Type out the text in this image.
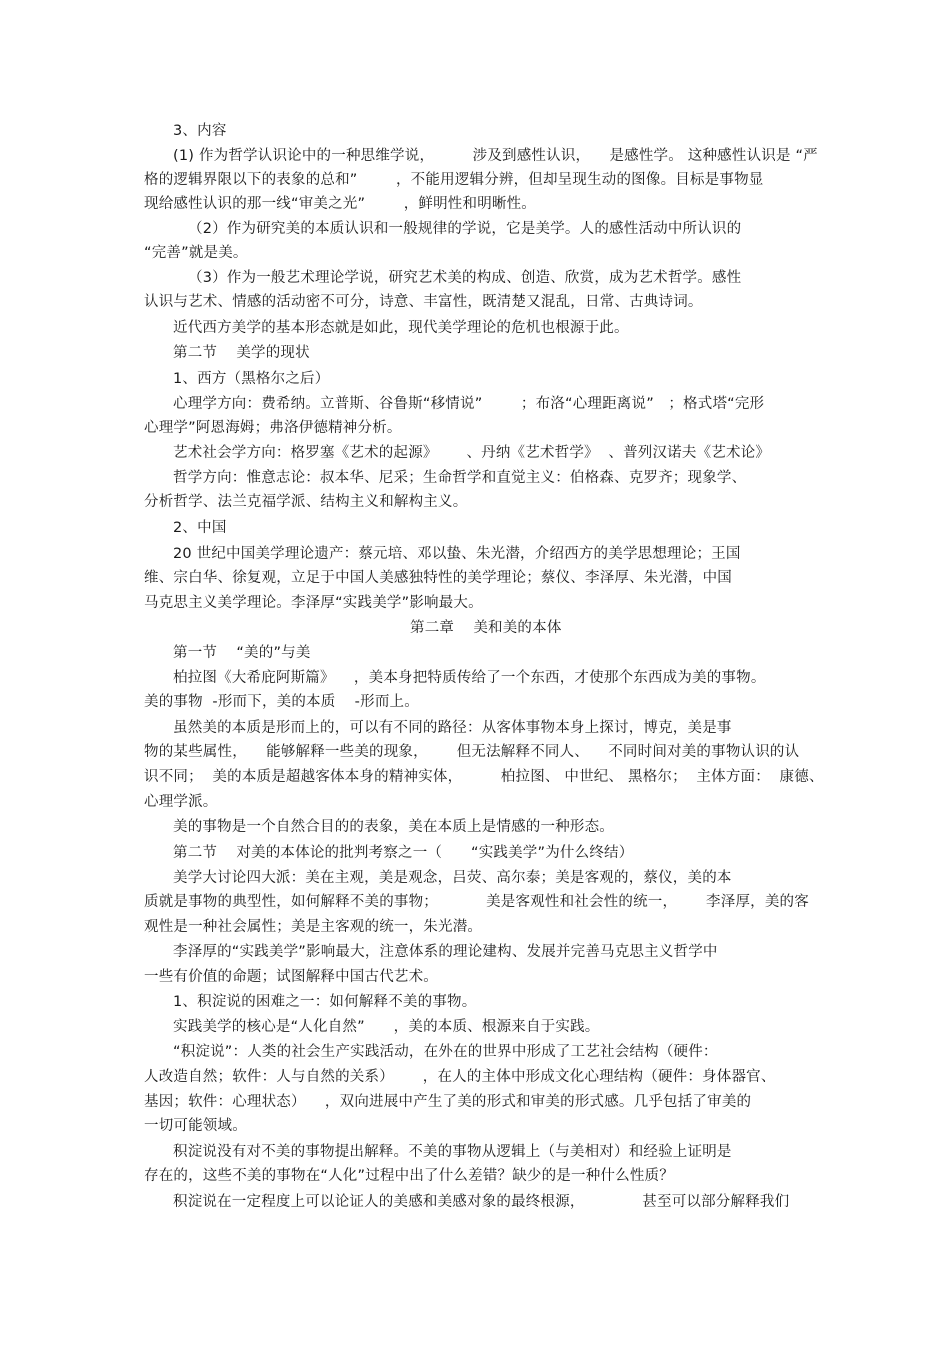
3、内容
(1) 作为哲学认识论中的一种思维学说，        涉及到感性认识，    是感性学。 这种感性认识是 “严
格的逻辑界限以下的表象的总和”        ，不能用逻辑分辨，但却呈现生动的图像。目标是事物显
现给感性认识的那一线“审美之光”        ，鲜明性和明晰性。
（2）作为研究美的本质认识和一般规律的学说，它是美学。人的感性活动中所认识的
“完善”就是美。
（3）作为一般艺术理论学说，研究艺术美的构成、创造、欣赏，成为艺术哲学。感性
认识与艺术、情感的活动密不可分，诗意、丰富性，既清楚又混乱，日常、古典诗词。
近代西方美学的基本形态就是如此，现代美学理论的危机也根源于此。
第二节    美学的现状
1、西方（黑格尔之后）
心理学方向：费希纳。立普斯、谷鲁斯“移情说”        ；布洛“心理距离说”   ；格式塔“完形
心理学”阿恩海姆；弗洛伊德精神分析。
艺术社会学方向：格罗塞《艺术的起源》      、丹纳《艺术哲学》  、普列汉诺夫《艺术论》
哲学方向：惟意志论：叔本华、尼采；生命哲学和直觉主义：伯格森、克罗齐；现象学、
分析哲学、法兰克福学派、结构主义和解构主义。
2、中国
20 世纪中国美学理论遗产：蔡元培、邓以蛰、朱光潜，介绍西方的美学思想理论；王国
维、宗白华、徐复观，立足于中国人美感独特性的美学理论；蔡仪、李泽厚、朱光潜，中国
马克思主义美学理论。李泽厚“实践美学”影响最大。
第二章    美和美的本体
第一节    “美的”与美
柏拉图《大希庇阿斯篇》    ，美本身把特质传给了一个东西，才使那个东西成为美的事物。
美的事物  -形而下，美的本质    -形而上。
虽然美的本质是形而上的，可以有不同的路径：从客体事物本身上探讨，博克，美是事
物的某些属性，    能够解释一些美的现象，      但无法解释不同人、    不同时间对美的事物认识的认
识不同；  美的本质是超越客体本身的精神实体，        柏拉图、 中世纪、 黑格尔；  主体方面：  康德、
心理学派。
美的事物是一个自然合目的的表象，美在本质上是情感的一种形态。
第二节    对美的本体论的批判考察之一（      “实践美学”为什么终结）
美学大讨论四大派：美在主观，美是观念，吕荧、高尔泰；美是客观的，蔡仪，美的本
质就是事物的典型性，如何解释不美的事物；          美是客观性和社会性的统一，      李泽厚，美的客
观性是一种社会属性；美是主客观的统一，朱光潜。
李泽厚的“实践美学”影响最大，注意体系的理论建构、发展并完善马克思主义哲学中
一些有价值的命题；试图解释中国古代艺术。
1、积淀说的困难之一：如何解释不美的事物。
实践美学的核心是“人化自然”      ，美的本质、根源来自于实践。
“积淀说”：人类的社会生产实践活动，在外在的世界中形成了工艺社会结构（硬件：
人改造自然；软件：人与自然的关系）      ，在人的主体中形成文化心理结构（硬件：身体器官、
基因；软件：心理状态）    ，双向进展中产生了美的形式和审美的形式感。几乎包括了审美的
一切可能领域。
积淀说没有对不美的事物提出解释。不美的事物从逻辑上（与美相对）和经验上证明是
存在的，这些不美的事物在“人化”过程中出了什么差错？缺少的是一种什么性质？
积淀说在一定程度上可以论证人的美感和美感对象的最终根源，            甚至可以部分解释我们
